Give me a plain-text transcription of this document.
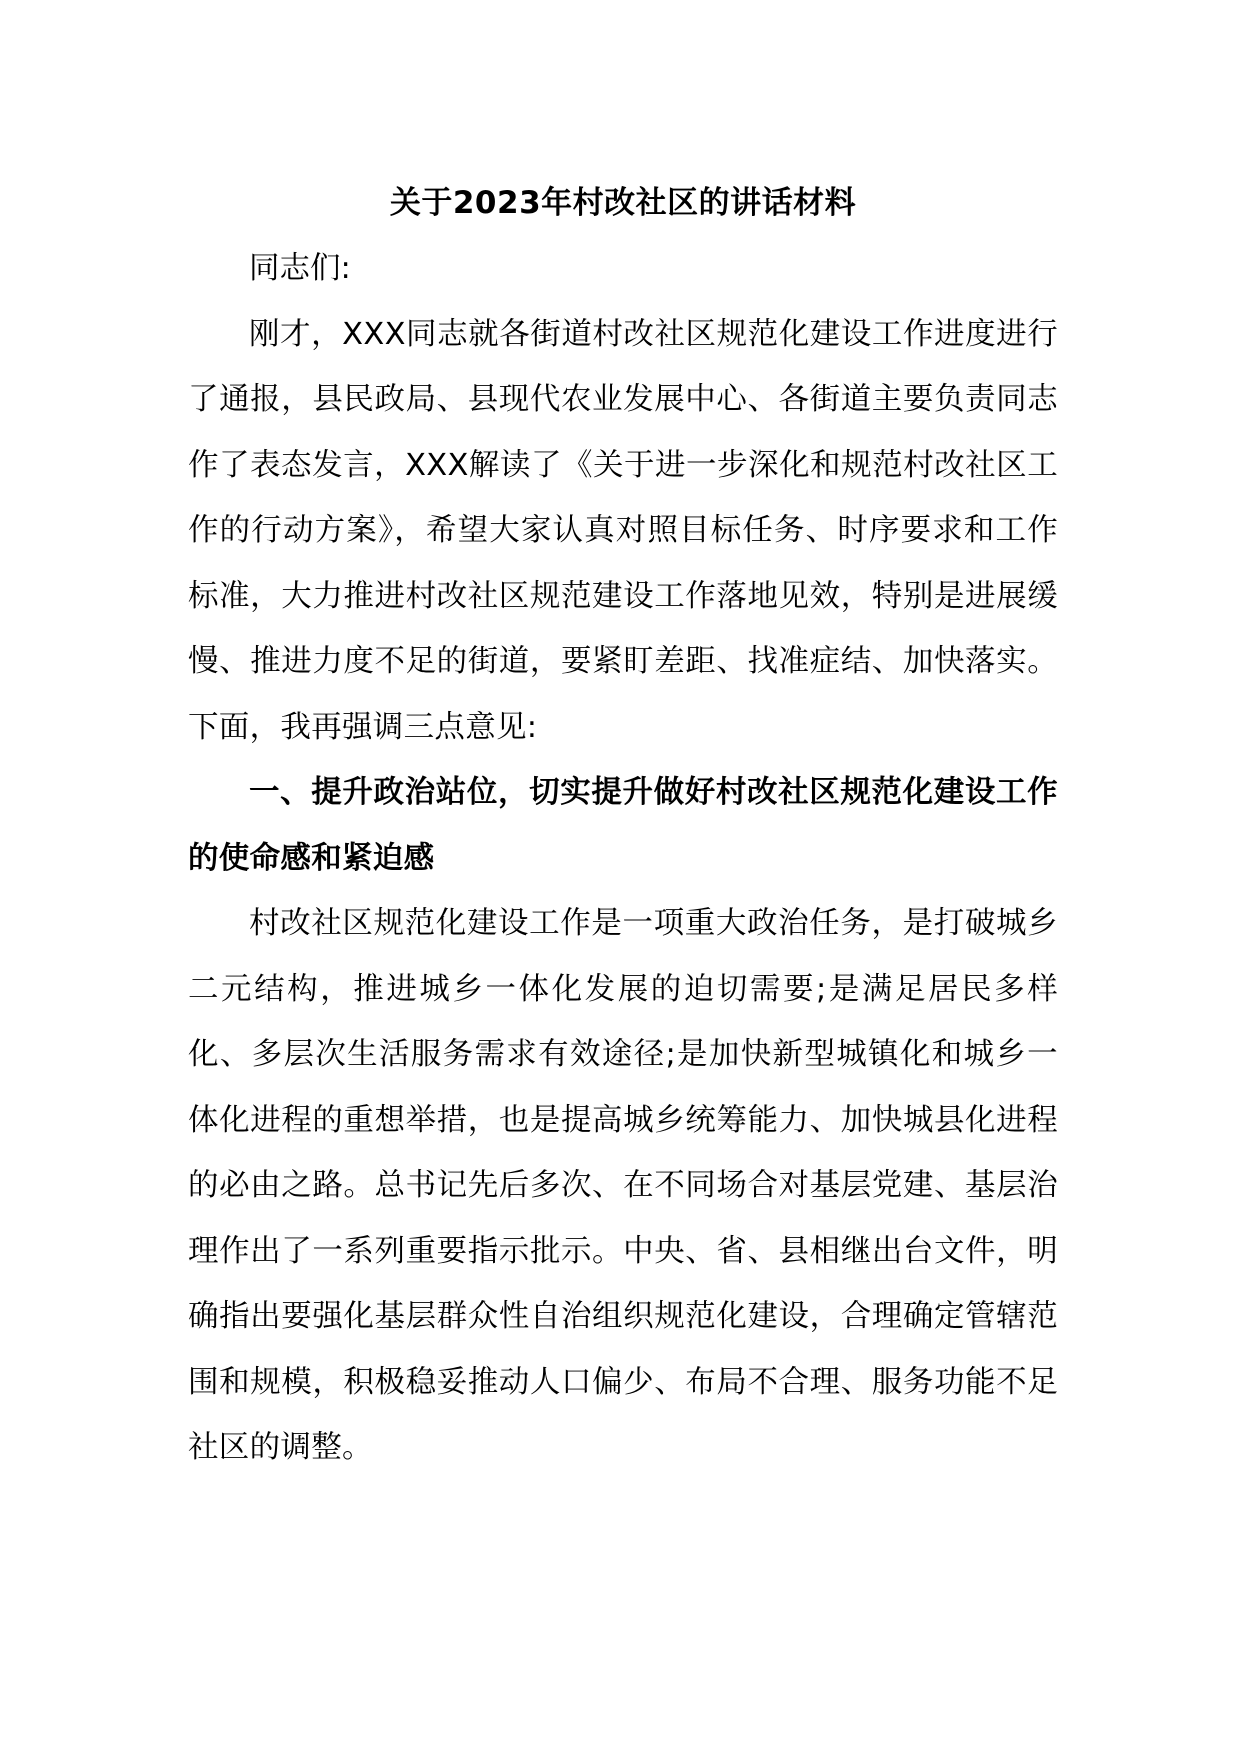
关于2023年村改社区的讲话材料

同志们:

刚才，XXX同志就各街道村改社区规范化建设工作进度进行了通报，县民政局、县现代农业发展中心、各街道主要负责同志作了表态发言，XXX解读了《关于进一步深化和规范村改社区工作的行动方案》，希望大家认真对照目标任务、时序要求和工作标准，大力推进村改社区规范建设工作落地见效，特别是进展缓慢、推进力度不足的街道，要紧盯差距、找准症结、加快落实。下面，我再强调三点意见:

一、提升政治站位，切实提升做好村改社区规范化建设工作的使命感和紧迫感

村改社区规范化建设工作是一项重大政治任务，是打破城乡二元结构，推进城乡一体化发展的迫切需要;是满足居民多样化、多层次生活服务需求有效途径;是加快新型城镇化和城乡一体化进程的重想举措，也是提高城乡统筹能力、加快城县化进程的必由之路。总书记先后多次、在不同场合对基层党建、基层治理作出了一系列重要指示批示。中央、省、县相继出台文件，明确指出要强化基层群众性自治组织规范化建设，合理确定管辖范围和规模，积极稳妥推动人口偏少、布局不合理、服务功能不足社区的调整。
